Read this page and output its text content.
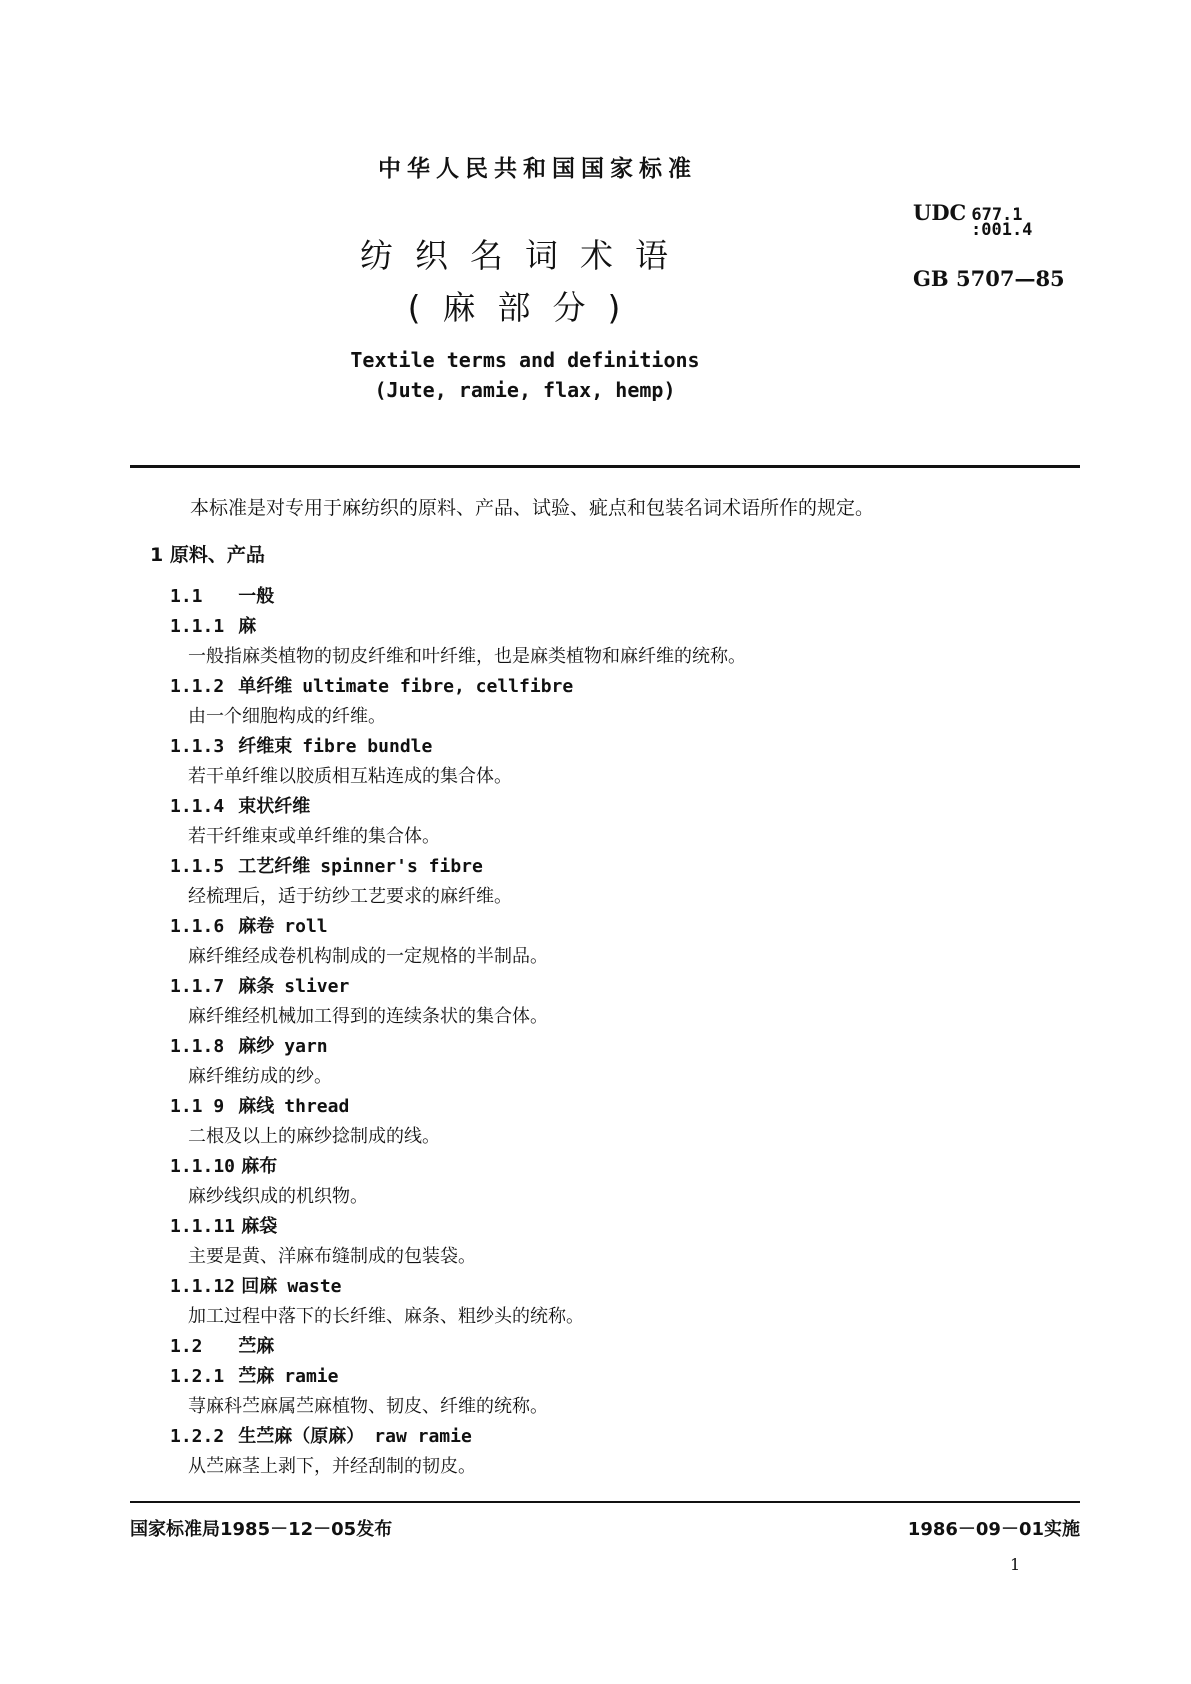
中华人民共和国国家标准
UDC 677.1
:001.4
GB 5707—85
纺织名词术语
(麻部分)
Textile terms and definitions
(Jute, ramie, flax, hemp)
本标准是对专用于麻纺织的原料、产品、试验、疵点和包装名词术语所作的规定。
1 原料、产品
1.1 一般
1.1.1 麻
一般指麻类植物的韧皮纤维和叶纤维，也是麻类植物和麻纤维的统称。
1.1.2 单纤维 ultimate fibre, cellfibre
由一个细胞构成的纤维。
1.1.3 纤维束 fibre bundle
若干单纤维以胶质相互粘连成的集合体。
1.1.4 束状纤维
若干纤维束或单纤维的集合体。
1.1.5 工艺纤维 spinner's fibre
经梳理后，适于纺纱工艺要求的麻纤维。
1.1.6 麻卷 roll
麻纤维经成卷机构制成的一定规格的半制品。
1.1.7 麻条 sliver
麻纤维经机械加工得到的连续条状的集合体。
1.1.8 麻纱 yarn
麻纤维纺成的纱。
1.1 9 麻线 thread
二根及以上的麻纱捻制成的线。
1.1.10 麻布
麻纱线织成的机织物。
1.1.11 麻袋
主要是黄、洋麻布缝制成的包装袋。
1.1.12 回麻 waste
加工过程中落下的长纤维、麻条、粗纱头的统称。
1.2 苎麻
1.2.1 苎麻 ramie
荨麻科苎麻属苎麻植物、韧皮、纤维的统称。
1.2.2 生苎麻（原麻） raw ramie
从苎麻茎上剥下，并经刮制的韧皮。
国家标准局1985－12－05发布	1986－09－01实施
1
